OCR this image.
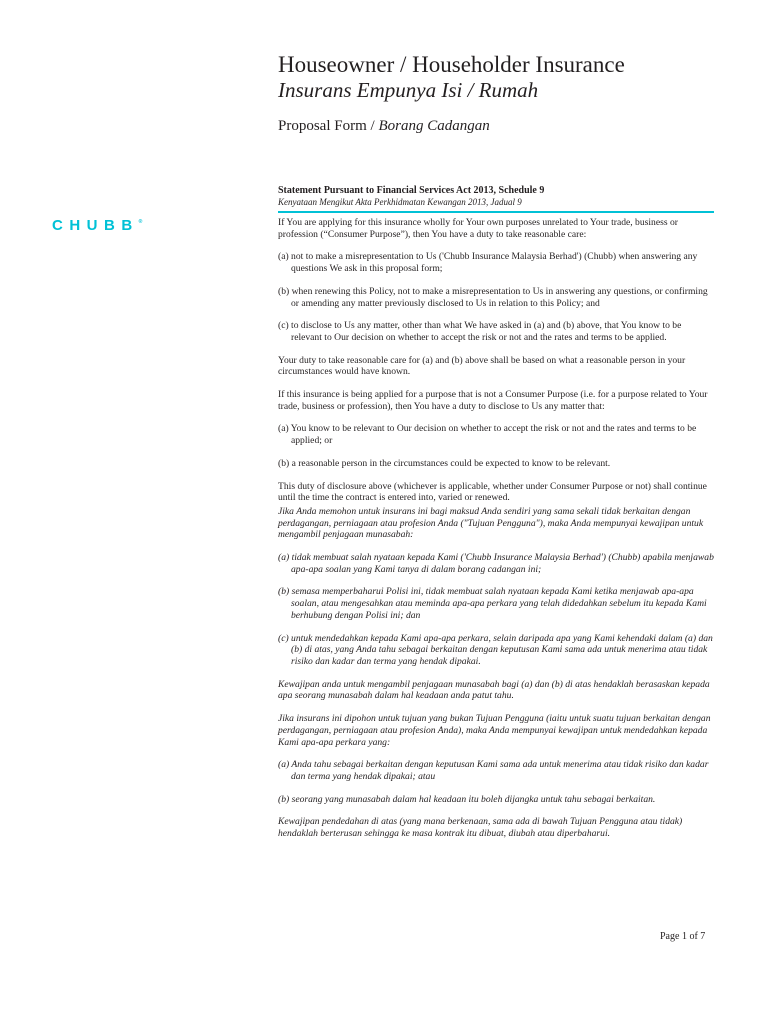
CHUBB®
Houseowner / Householder Insurance
Insurans Empunya Isi / Rumah
Proposal Form / Borang Cadangan
Statement Pursuant to Financial Services Act 2013, Schedule 9
Kenyataan Mengikut Akta Perkhidmatan Kewangan 2013, Jadual 9

If You are applying for this insurance wholly for Your own purposes unrelated to Your trade, business or profession (“Consumer Purpose”), then You have a duty to take reasonable care:

(a) not to make a misrepresentation to Us ('Chubb Insurance Malaysia Berhad') (Chubb) when answering any questions We ask in this proposal form;

(b) when renewing this Policy, not to make a misrepresentation to Us in answering any questions, or confirming or amending any matter previously disclosed to Us in relation to this Policy; and

(c) to disclose to Us any matter, other than what We have asked in (a) and (b) above, that You know to be relevant to Our decision on whether to accept the risk or not and the rates and terms to be applied.

Your duty to take reasonable care for (a) and (b) above shall be based on what a reasonable person in your circumstances would have known.

If this insurance is being applied for a purpose that is not a Consumer Purpose (i.e. for a purpose related to Your trade, business or profession), then You have a duty to disclose to Us any matter that:

(a) You know to be relevant to Our decision on whether to accept the risk or not and the rates and terms to be applied; or

(b) a reasonable person in the circumstances could be expected to know to be relevant.

This duty of disclosure above (whichever is applicable, whether under Consumer Purpose or not) shall continue until the time the contract is entered into, varied or renewed.

Jika Anda memohon untuk insurans ini bagi maksud Anda sendiri yang sama sekali tidak berkaitan dengan perdagangan, perniagaan atau profesion Anda ("Tujuan Pengguna"), maka Anda mempunyai kewajipan untuk mengambil penjagaan munasabah:

(a) tidak membuat salah nyataan kepada Kami ('Chubb Insurance Malaysia Berhad') (Chubb) apabila menjawab apa-apa soalan yang Kami tanya di dalam borang cadangan ini;

(b) semasa memperbaharui Polisi ini, tidak membuat salah nyataan kepada Kami ketika menjawab apa-apa soalan, atau mengesahkan atau meminda apa-apa perkara yang telah didedahkan sebelum itu kepada Kami berhubung dengan Polisi ini; dan

(c) untuk mendedahkan kepada Kami apa-apa perkara, selain daripada apa yang Kami kehendaki dalam (a) dan (b) di atas, yang Anda tahu sebagai berkaitan dengan keputusan Kami sama ada untuk menerima atau tidak risiko dan kadar dan terma yang hendak dipakai.

Kewajipan anda untuk mengambil penjagaan munasabah bagi (a) dan (b) di atas hendaklah berasaskan kepada apa seorang munasabah dalam hal keadaan anda patut tahu.

Jika insurans ini dipohon untuk tujuan yang bukan Tujuan Pengguna (iaitu untuk suatu tujuan berkaitan dengan perdagangan, perniagaan atau profesion Anda), maka Anda mempunyai kewajipan untuk mendedahkan kepada Kami apa-apa perkara yang:

(a) Anda tahu sebagai berkaitan dengan keputusan Kami sama ada untuk menerima atau tidak risiko dan kadar dan terma yang hendak dipakai; atau

(b) seorang yang munasabah dalam hal keadaan itu boleh dijangka untuk tahu sebagai berkaitan.

Kewajipan pendedahan di atas (yang mana berkenaan, sama ada di bawah Tujuan Pengguna atau tidak) hendaklah berterusan sehingga ke masa kontrak itu dibuat, diubah atau diperbaharui.

Page 1 of 7
